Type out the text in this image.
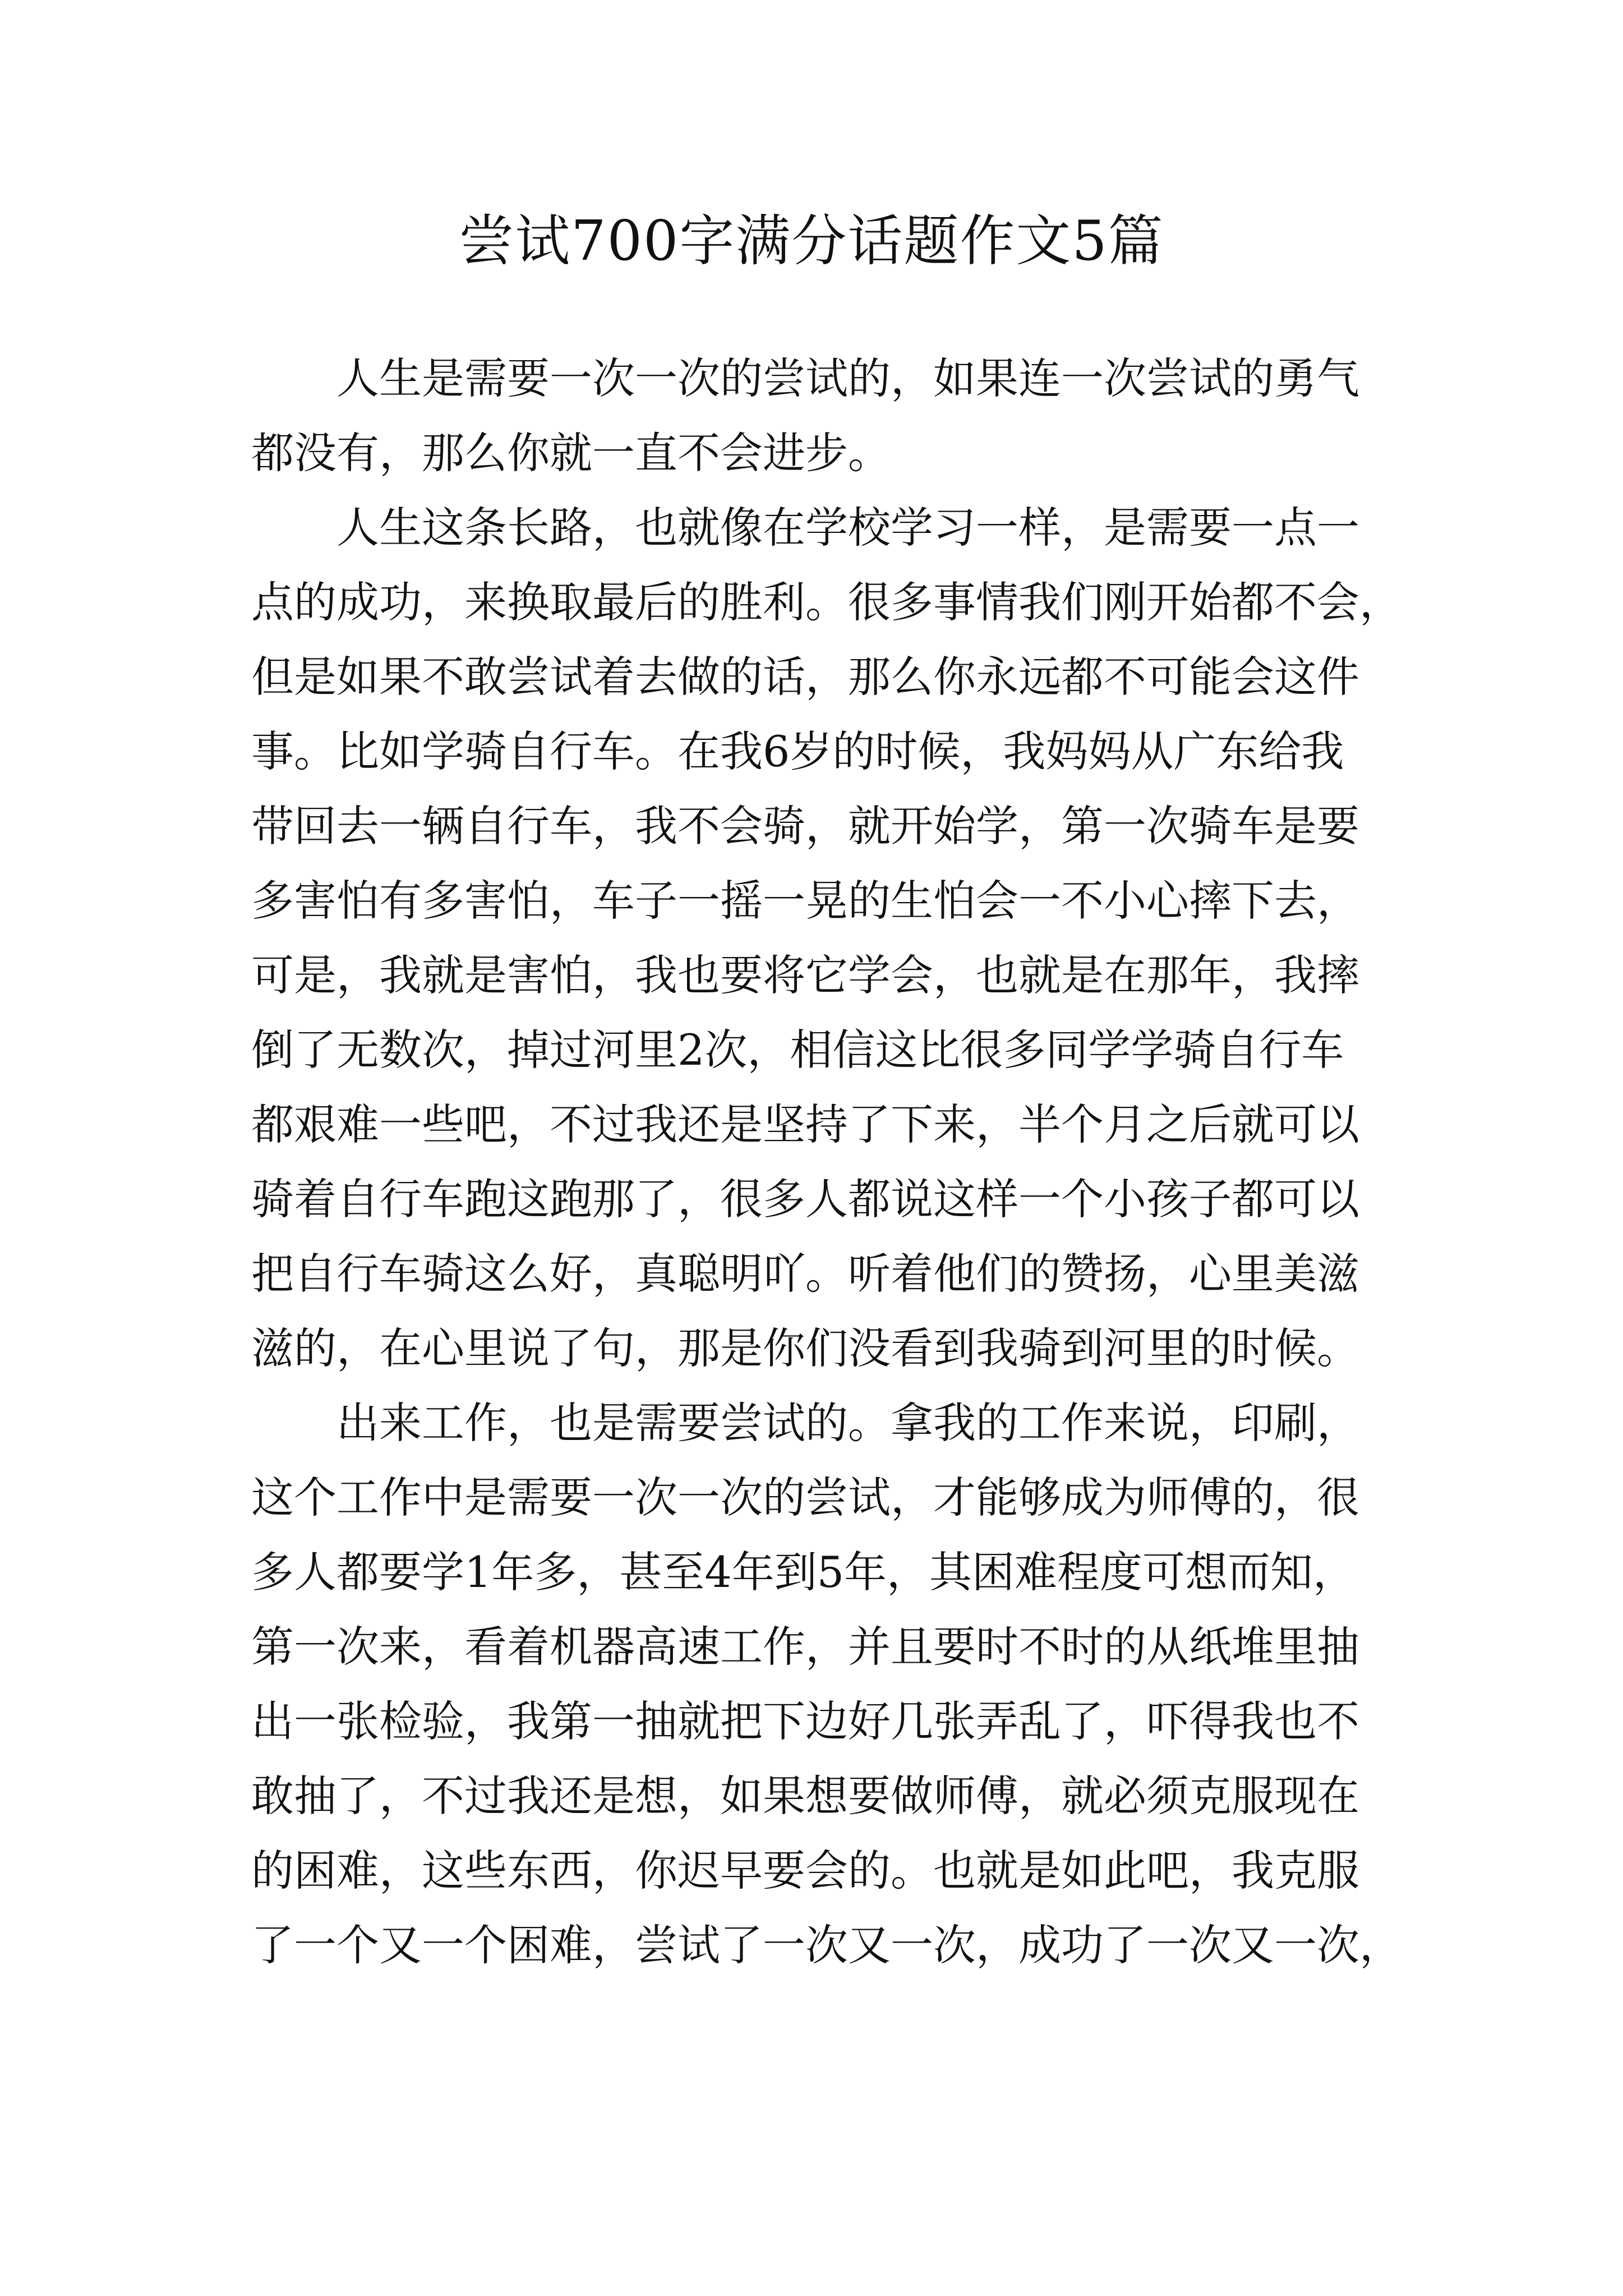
尝试700字满分话题作文5篇
人生是需要一次一次的尝试的，如果连一次尝试的勇气
都没有，那么你就一直不会进步。
人生这条长路，也就像在学校学习一样，是需要一点一
点的成功，来换取最后的胜利。很多事情我们刚开始都不会，
但是如果不敢尝试着去做的话，那么你永远都不可能会这件
事。比如学骑自行车。在我6岁的时候，我妈妈从广东给我
带回去一辆自行车，我不会骑，就开始学，第一次骑车是要
多害怕有多害怕，车子一摇一晃的生怕会一不小心摔下去，
可是，我就是害怕，我也要将它学会，也就是在那年，我摔
倒了无数次，掉过河里2次，相信这比很多同学学骑自行车
都艰难一些吧，不过我还是坚持了下来，半个月之后就可以
骑着自行车跑这跑那了，很多人都说这样一个小孩子都可以
把自行车骑这么好，真聪明吖。听着他们的赞扬，心里美滋
滋的，在心里说了句，那是你们没看到我骑到河里的时候。
出来工作，也是需要尝试的。拿我的工作来说，印刷，
这个工作中是需要一次一次的尝试，才能够成为师傅的，很
多人都要学1年多，甚至4年到5年，其困难程度可想而知，
第一次来，看着机器高速工作，并且要时不时的从纸堆里抽
出一张检验，我第一抽就把下边好几张弄乱了，吓得我也不
敢抽了，不过我还是想，如果想要做师傅，就必须克服现在
的困难，这些东西，你迟早要会的。也就是如此吧，我克服
了一个又一个困难，尝试了一次又一次，成功了一次又一次，
